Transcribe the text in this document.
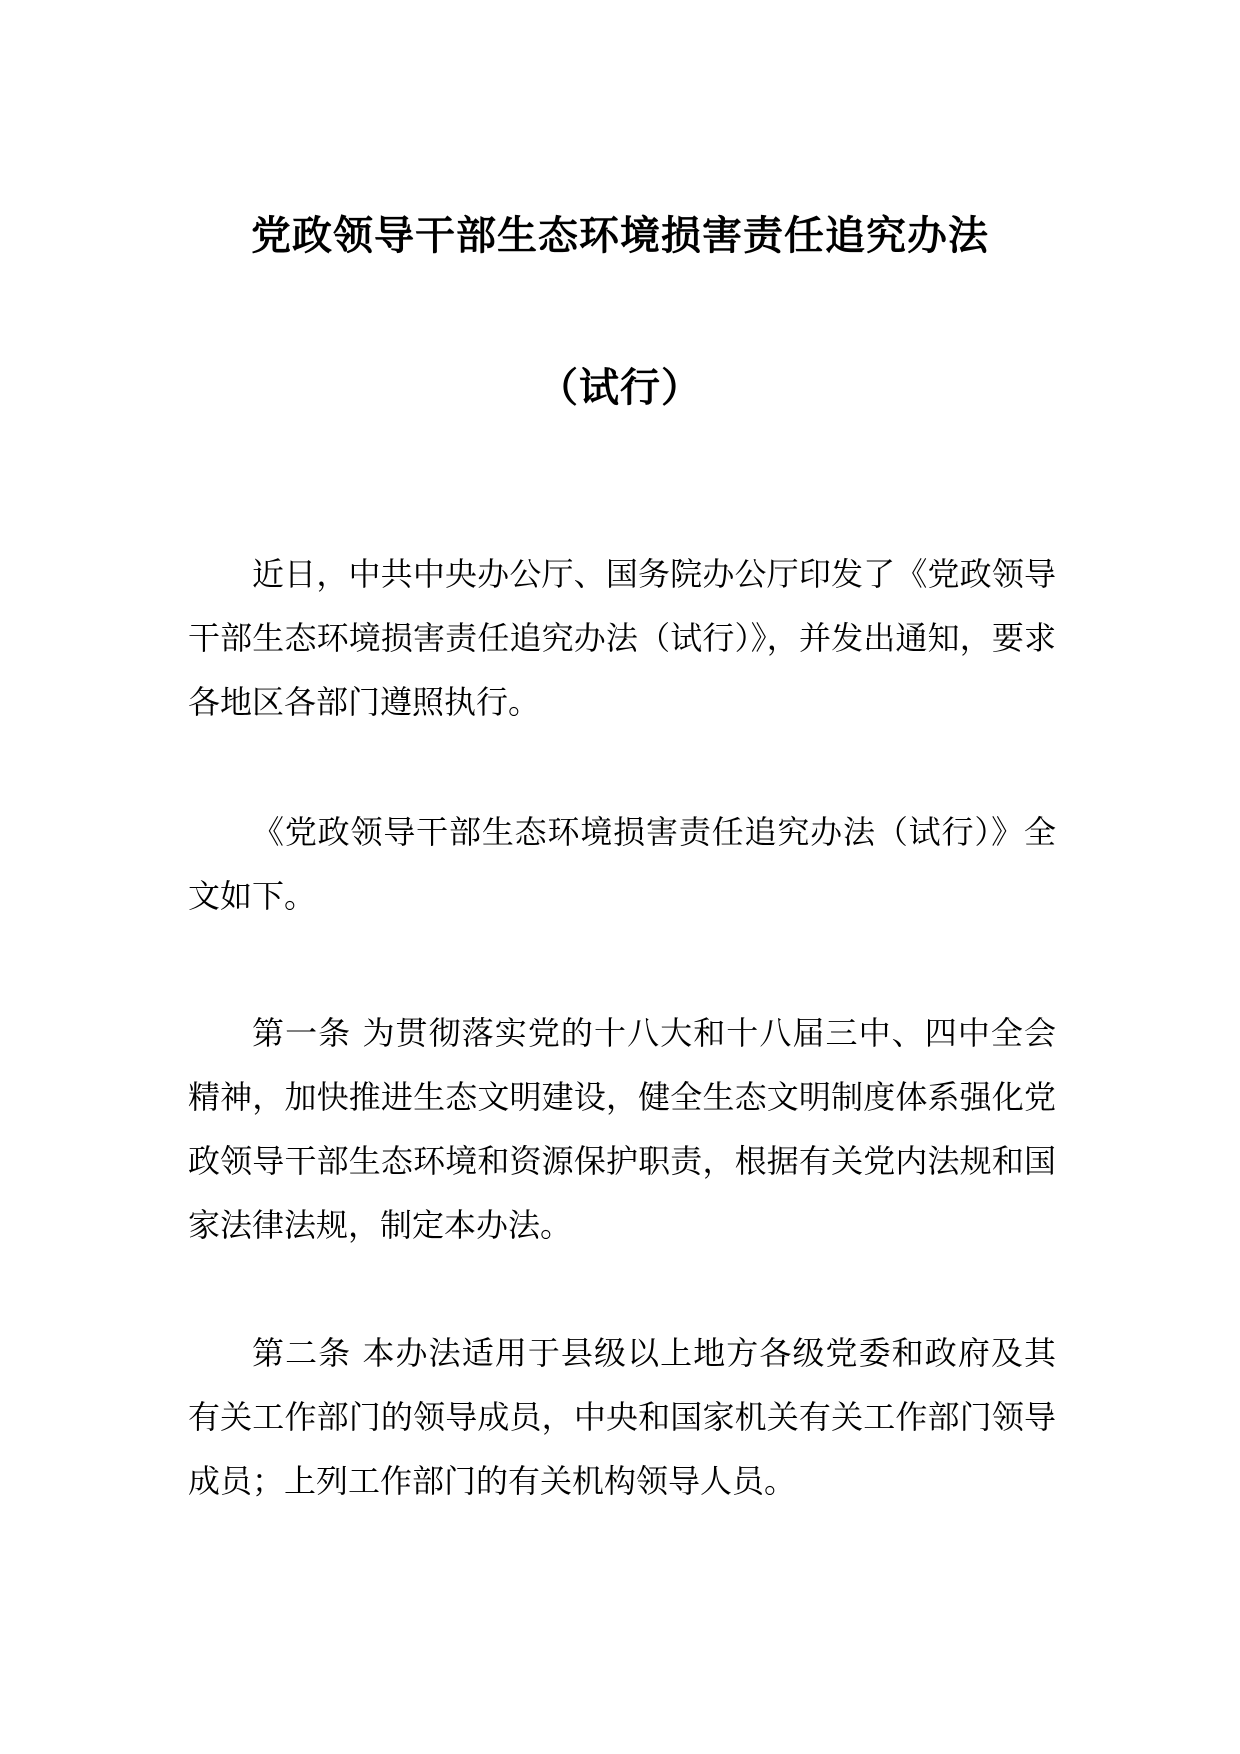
党政领导干部生态环境损害责任追究办法
（试行）

近日，中共中央办公厅、国务院办公厅印发了《党政领导干部生态环境损害责任追究办法（试行）》，并发出通知，要求各地区各部门遵照执行。

《党政领导干部生态环境损害责任追究办法（试行）》全文如下。

第一条 为贯彻落实党的十八大和十八届三中、四中全会精神，加快推进生态文明建设，健全生态文明制度体系强化党政领导干部生态环境和资源保护职责，根据有关党内法规和国家法律法规，制定本办法。

第二条 本办法适用于县级以上地方各级党委和政府及其有关工作部门的领导成员，中央和国家机关有关工作部门领导成员；上列工作部门的有关机构领导人员。
